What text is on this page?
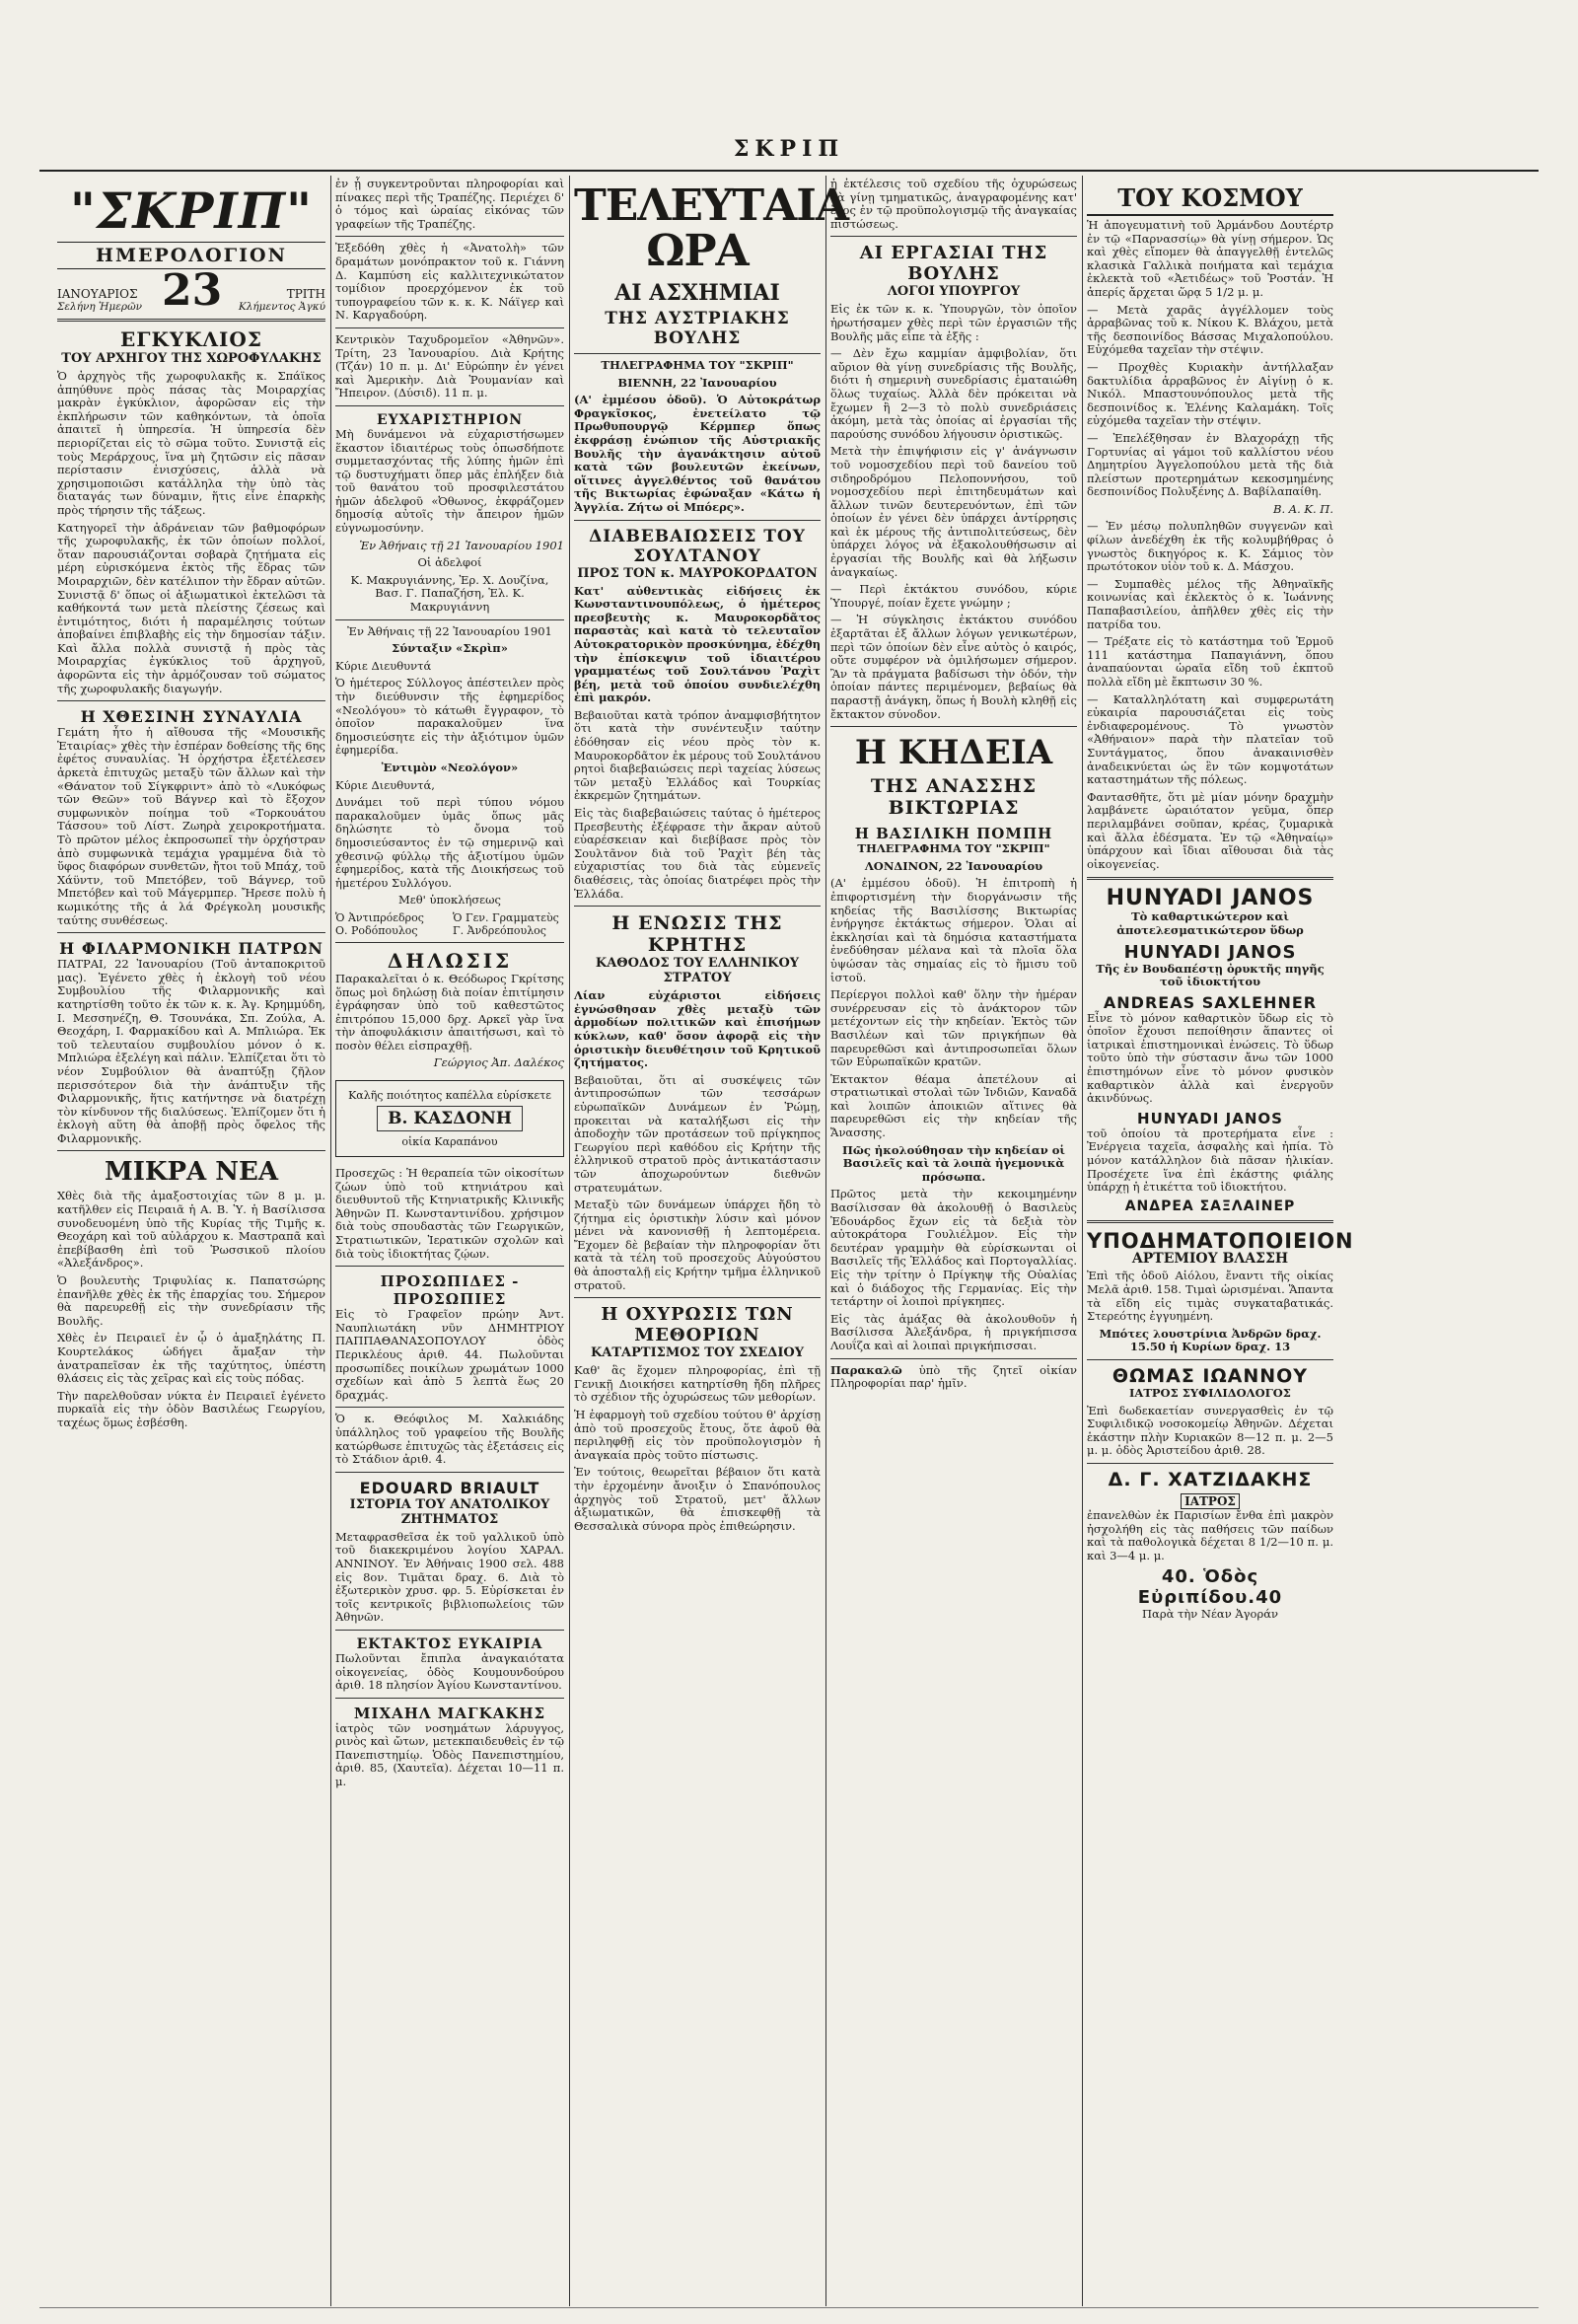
ΣΚΡΙΠ
"ΣΚΡΙΠ"
ΗΜΕΡΟΛΟΓΙΟΝ
ΙΑΝΟΥΑΡΙΟΣ
Σελήνη Ἡμερῶν 23	ΤΡΙΤΗ
Κλήμεντος Ἀγκύ
ΕΓΚΥΚΛΙΟΣ
ΤΟΥ ΑΡΧΗΓΟΥ ΤΗΣ ΧΩΡΟΦΥΛΑΚΗΣ

Ὁ ἀρχηγὸς τῆς χωροφυλακῆς κ. Σπάϊκος ἀπηύθυνε πρὸς πάσας τὰς Μοιραρχίας μακρὰν ἐγκύκλιον, ἀφορῶσαν εἰς τὴν ἐκπλήρωσιν τῶν καθηκόντων, τὰ ὁποῖα ἀπαιτεῖ ἡ ὑπηρεσία. Ἡ ὑπηρεσία δὲν περιορίζεται εἰς τὸ σῶμα τοῦτο. Συνιστᾷ εἰς τοὺς Μεράρχους, ἵνα μὴ ζητῶσιν εἰς πᾶσαν περίστασιν ἐνισχύσεις, ἀλλὰ νὰ χρησιμοποιῶσι κατάλληλα τὴν ὑπὸ τὰς διαταγάς των δύναμιν, ἥτις εἶνε ἐπαρκὴς πρὸς τήρησιν τῆς τάξεως.

Κατηγορεῖ τὴν ἀδράνειαν τῶν βαθμοφόρων τῆς χωροφυλακῆς, ἐκ τῶν ὁποίων πολλοί, ὅταν παρουσιάζονται σοβαρὰ ζητήματα εἰς μέρη εὑρισκόμενα ἐκτὸς τῆς ἕδρας τῶν Μοιραρχιῶν, δὲν κατέλιπον τὴν ἕδραν αὐτῶν. Συνιστᾷ δ' ὅπως οἱ ἀξιωματικοὶ ἐκτελῶσι τὰ καθήκοντά των μετὰ πλείστης ζέσεως καὶ ἐντιμότητος, διότι ἡ παραμέλησις τούτων ἀποβαίνει ἐπιβλαβὴς εἰς τὴν δημοσίαν τάξιν. Καὶ ἄλλα πολλὰ συνιστᾷ ἡ πρὸς τὰς Μοιραρχίας ἐγκύκλιος τοῦ ἀρχηγοῦ, ἀφορῶντα εἰς τὴν ἀρμόζουσαν τοῦ σώματος τῆς χωροφυλακῆς διαγωγήν.

Η ΧΘΕΣΙΝΗ ΣΥΝΑΥΛΙΑ

Γεμάτη ἦτο ἡ αἴθουσα τῆς «Μουσικῆς Ἑταιρίας» χθὲς τὴν ἑσπέραν δοθείσης τῆς 6ης ἐφέτος συναυλίας. Ἡ ὀρχήστρα ἐξετέλεσεν ἀρκετὰ ἐπιτυχῶς μεταξὺ τῶν ἄλλων καὶ τὴν «Θάνατον τοῦ Σίγκφριντ» ἀπὸ τὸ «Λυκόφως τῶν Θεῶν» τοῦ Βάγνερ καὶ τὸ ἔξοχον συμφωνικὸν ποίημα τοῦ «Τορκουάτου Τάσσου» τοῦ Λίστ. Ζωηρὰ χειροκροτήματα. Τὸ πρῶτον μέλος ἐκπροσωπεῖ τὴν ὀρχήστραν ἀπὸ συμφωνικὰ τεμάχια γραμμένα διὰ τὸ ὕφος διαφόρων συνθετῶν, ἤτοι τοῦ Μπάχ, τοῦ Χάϋντν, τοῦ Μπετόβεν, τοῦ Βάγνερ, τοῦ Μπετόβεν καὶ τοῦ Μάγερμπερ. Ἤρεσε πολὺ ἡ κωμικότης τῆς ἁ λά Φρέγκολη μουσικῆς ταύτης συνθέσεως.

Η ΦΙΛΑΡΜΟΝΙΚΗ ΠΑΤΡΩΝ

ΠΑΤΡΑΙ, 22 Ἰανουαρίου (Τοῦ ἀνταποκριτοῦ μας). Ἐγένετο χθὲς ἡ ἐκλογὴ τοῦ νέου Συμβουλίου τῆς Φιλαρμονικῆς καὶ κατηρτίσθη τοῦτο ἐκ τῶν κ. κ. Ἀγ. Κρημμύδη, Ι. Μεσσηνέζη, Θ. Τσουνάκα, Σπ. Ζούλα, Α. Θεοχάρη, Ι. Φαρμακίδου καὶ Α. Μπλιώρα. Ἐκ τοῦ τελευταίου συμβουλίου μόνον ὁ κ. Μπλιώρα ἐξελέγη καὶ πάλιν. Ἐλπίζεται ὅτι τὸ νέον Συμβούλιον θὰ ἀναπτύξῃ ζῆλον περισσότερον διὰ τὴν ἀνάπτυξιν τῆς Φιλαρμονικῆς, ἥτις κατήντησε νὰ διατρέχῃ τὸν κίνδυνον τῆς διαλύσεως. Ἐλπίζομεν ὅτι ἡ ἐκλογὴ αὕτη θὰ ἀποβῇ πρὸς ὄφελος τῆς Φιλαρμονικῆς.

ΜΙΚΡΑ ΝΕΑ

Χθὲς διὰ τῆς ἀμαξοστοιχίας τῶν 8 μ. μ. κατῆλθεν εἰς Πειραιᾶ ἡ Α. Β. Ὑ. ἡ Βασίλισσα συνοδευομένη ὑπὸ τῆς Κυρίας τῆς Τιμῆς κ. Θεοχάρη καὶ τοῦ αὐλάρχου κ. Μαστραπᾶ καὶ ἐπεβίβασθη ἐπὶ τοῦ Ῥωσσικοῦ πλοίου «Ἀλεξάνδρος».

Ὁ βουλευτὴς Τριφυλίας κ. Παπατσώρης ἐπανῆλθε χθὲς ἐκ τῆς ἐπαρχίας του. Σήμερον θὰ παρευρεθῇ εἰς τὴν συνεδρίασιν τῆς Βουλῆς.

Χθὲς ἐν Πειραιεῖ ἐν ᾧ ὁ ἁμαξηλάτης Π. Κουρτελάκος ὡδήγει ἄμαξαν τὴν ἀνατραπεῖσαν ἐκ τῆς ταχύτητος, ὑπέστη θλάσεις εἰς τὰς χεῖρας καὶ εἰς τοὺς πόδας.

Τὴν παρελθοῦσαν νύκτα ἐν Πειραιεῖ ἐγένετο πυρκαϊὰ εἰς τὴν ὁδὸν Βασιλέως Γεωργίου, ταχέως ὅμως ἐσβέσθη.

ἐν ᾗ συγκεντροῦνται πληροφορίαι καὶ πίνακες περὶ τῆς Τραπέζης. Περιέχει δ' ὁ τόμος καὶ ὡραίας εἰκόνας τῶν γραφείων τῆς Τραπέζης.

Ἐξεδόθη χθὲς ἡ «Ἀνατολὴ» τῶν δραμάτων μονόπρακτον τοῦ κ. Γιάννη Δ. Καμπύση εἰς καλλιτεχνικώτατον τομίδιον προερχόμενον ἐκ τοῦ τυπογραφείου τῶν κ. κ. Κ. Νάϊγερ καὶ Ν. Καργαδούρη.

Κεντρικὸν Ταχυδρομεῖον «Ἀθηνῶν». Τρίτη, 23 Ἰανουαρίου. Διὰ Κρήτης (Τζάν) 10 π. μ. Δι' Εὐρώπην ἐν γένει καὶ Ἀμερικὴν. Διὰ Ῥουμανίαν καὶ Ἤπειρον. (Δύσιδ). 11 π. μ.

ΕΥΧΑΡΙΣΤΗΡΙΟΝ

Μὴ δυνάμενοι νὰ εὐχαριστήσωμεν ἕκαστον ἰδιαιτέρως τοὺς ὁπωσδήποτε συμμετασχόντας τῆς λύπης ἡμῶν ἐπὶ τῷ δυστυχήματι ὅπερ μᾶς ἐπλήξεν διὰ τοῦ θανάτου τοῦ προσφιλεστάτου ἡμῶν ἀδελφοῦ «Ὀθωνος, ἐκφράζομεν δημοσίᾳ αὐτοῖς τὴν ἄπειρον ἡμῶν εὐγνωμοσύνην.

Ἐν Ἀθήναις τῇ 21 Ἰανουαρίου 1901

Οἱ ἀδελφοί

Κ. Μακρυγιάννης, Ἐρ. Χ. Δουζίνα, Βασ. Γ. Παπαζήση, Ἑλ. Κ. Μακρυγιάννη

Ἐν Ἀθήναις τῇ 22 Ἰανουαρίου 1901

Σύνταξιν «Σκρὶπ»

Κύριε Διευθυντά

Ὁ ἡμέτερος Σύλλογος ἀπέστειλεν πρὸς τὴν διεύθυνσιν τῆς ἐφημερίδος «Νεολόγου» τὸ κάτωθι ἔγγραφον, τὸ ὁποῖον παρακαλοῦμεν ἵνα δημοσιεύσητε εἰς τὴν ἀξιότιμον ὑμῶν ἐφημερίδα.

Ἐντιμὸν «Νεολόγον»

Κύριε Διευθυντά,

Δυνάμει τοῦ περὶ τύπου νόμου παρακαλοῦμεν ὑμᾶς ὅπως μᾶς δηλώσητε τὸ ὄνομα τοῦ δημοσιεύσαντος ἐν τῷ σημερινῷ καὶ χθεσινῷ φύλλῳ τῆς ἀξιοτίμου ὑμῶν ἐφημερίδος, κατὰ τῆς Διοικήσεως τοῦ ἡμετέρου Συλλόγου.

Μεθ' ὑποκλήσεως

Ὁ Ἀντιπρόεδρος	Ὁ Γεν. Γραμματεὺς
Ο. Ροδόπουλος	Γ. Ἀνδρεόπουλος
ΔΗΛΩΣΙΣ

Παρακαλεῖται ὁ κ. Θεόδωρος Γκρίτσης ὅπως μοὶ δηλώσῃ διὰ ποίαν ἐπιτίμησιν ἐγράφησαν ὑπὸ τοῦ καθεστῶτος ἐπιτρόπου 15,000 δρχ. Αρκεῖ γὰρ ἵνα τὴν ἀποφυλάκισιν ἀπαιτήσωσι, καὶ τὸ ποσὸν θέλει εἰσπραχθῇ.

Γεώργιος Ἀπ. Δαλέκος

Καλῆς ποιότητος καπέλλα εὑρίσκετε
Β. ΚΑΣΔΟΝΗ
οἰκία Καραπάνου

Προσεχῶς : Ἡ θεραπεία τῶν οἰκοσίτων ζώων ὑπὸ τοῦ κτηνιάτρου καὶ διευθυντοῦ τῆς Κτηνιατρικῆς Κλινικῆς Ἀθηνῶν Π. Κωνσταντινίδου. χρήσιμον διὰ τοὺς σπουδαστὰς τῶν Γεωργικῶν, Στρατιωτικῶν, Ἱερατικῶν σχολῶν καὶ διὰ τοὺς ἰδιοκτήτας ζῴων.

ΠΡΟΣΩΠΙΔΕΣ - ΠΡΟΣΩΠΙΕΣ

Εἰς τὸ Γραφεῖον πρώην Ἀντ. Ναυπλιωτάκη νῦν ΔΗΜΗΤΡΙΟΥ ΠΑΠΠΑΘΑΝΑΣΟΠΟΥΛΟΥ ὁδὸς Περικλέους ἀριθ. 44. Πωλοῦνται προσωπίδες ποικίλων χρωμάτων 1000 σχεδίων καὶ ἀπὸ 5 λεπτὰ ἕως 20 δραχμάς.

Ὁ κ. Θεόφιλος Μ. Χαλκιάδης ὑπάλληλος τοῦ γραφείου τῆς Βουλῆς κατώρθωσε ἐπιτυχῶς τὰς ἐξετάσεις εἰς τὸ Στάδιον ἀριθ. 4.

EDOUARD BRIAULT
ΙΣΤΟΡΙΑ ΤΟΥ ΑΝΑΤΟΛΙΚΟΥ ΖΗΤΗΜΑΤΟΣ

Μεταφρασθεῖσα ἐκ τοῦ γαλλικοῦ ὑπὸ τοῦ διακεκριμένου λογίου ΧΑΡΑΛ. ΑΝΝΙΝΟΥ. Ἐν Ἀθήναις 1900 σελ. 488 εἰς 8ον. Τιμᾶται δραχ. 6. Διὰ τὸ ἐξωτερικὸν χρυσ. φρ. 5. Εὑρίσκεται ἐν τοῖς κεντρικοῖς βιβλιοπωλείοις τῶν Ἀθηνῶν.

ΕΚΤΑΚΤΟΣ ΕΥΚΑΙΡΙΑ

Πωλοῦνται ἔπιπλα ἀναγκαιότατα οἰκογενείας, ὁδὸς Κουμουνδούρου ἀριθ. 18 πλησίον Ἁγίου Κωνσταντίνου.

ΜΙΧΑΗΛ ΜΑΓΚΑΚΗΣ

ἰατρὸς τῶν νοσημάτων λάρυγγος, ρινὸς καὶ ὤτων, μετεκπαιδευθεὶς ἐν τῷ Πανεπιστημίῳ. Ὁδὸς Πανεπιστημίου, ἀριθ. 85, (Χαυτεῖα). Δέχεται 10—11 π. μ.

ΤΕΛΕΥΤΑΙΑ ΩΡΑ
ΑΙ ΑΣΧΗΜΙΑΙ
ΤΗΣ ΑΥΣΤΡΙΑΚΗΣ ΒΟΥΛΗΣ

ΤΗΛΕΓΡΑΦΗΜΑ ΤΟΥ "ΣΚΡΙΠ"

ΒΙΕΝΝΗ, 22 Ἰανουαρίου

(Α' ἐμμέσου ὁδοῦ). Ὁ Αὐτοκράτωρ Φραγκῖσκος, ἐνετείλατο τῷ Πρωθυπουργῷ Κέρμπερ ὅπως ἐκφράσῃ ἐνώπιον τῆς Αὐστριακῆς Βουλῆς τὴν ἀγανάκτησιν αὐτοῦ κατὰ τῶν βουλευτῶν ἐκείνων, οἵτινες ἀγγελθέντος τοῦ θανάτου τῆς Βικτωρίας ἐφώναξαν «Κάτω ἡ Ἀγγλία. Ζήτω οἱ Μπόερς».

ΔΙΑΒΕΒΑΙΩΣΕΙΣ ΤΟΥ ΣΟΥΛΤΑΝΟΥ
ΠΡΟΣ ΤΟΝ κ. ΜΑΥΡΟΚΟΡΔΑΤΟΝ

Κατ' αὐθεντικὰς εἰδήσεις ἐκ Κωνσταντινουπόλεως, ὁ ἡμέτερος πρεσβευτὴς κ. Μαυροκορδᾶτος παραστὰς καὶ κατὰ τὸ τελευταῖον Αὐτοκρατορικὸν προσκύνημα, ἐδέχθη τὴν ἐπίσκεψιν τοῦ ἰδιαιτέρου γραμματέως τοῦ Σουλτάνου Ῥαχὶτ βέη, μετὰ τοῦ ὁποίου συνδιελέχθη ἐπὶ μακρόν.

Βεβαιοῦται κατὰ τρόπον ἀναμφισβήτητον ὅτι κατὰ τὴν συνέντευξιν ταύτην ἐδόθησαν εἰς νέου πρὸς τὸν κ. Μαυροκορδᾶτον ἐκ μέρους τοῦ Σουλτάνου ρητοὶ διαβεβαιώσεις περὶ ταχείας λύσεως τῶν μεταξὺ Ἑλλάδος καὶ Τουρκίας ἐκκρεμῶν ζητημάτων.

Εἰς τὰς διαβεβαιώσεις ταύτας ὁ ἡμέτερος Πρεσβευτὴς ἐξέφρασε τὴν ἄκραν αὐτοῦ εὐαρέσκειαν καὶ διεβίβασε πρὸς τὸν Σουλτᾶνον διὰ τοῦ Ῥαχὶτ βέη τὰς εὐχαριστίας του διὰ τὰς εὐμενεῖς διαθέσεις, τὰς ὁποίας διατρέφει πρὸς τὴν Ἑλλάδα.

Η ΕΝΩΣΙΣ ΤΗΣ ΚΡΗΤΗΣ
ΚΑΘΟΔΟΣ ΤΟΥ ΕΛΛΗΝΙΚΟΥ ΣΤΡΑΤΟΥ

Λίαν εὐχάριστοι εἰδήσεις ἐγνώσθησαν χθὲς μεταξὺ τῶν ἀρμοδίων πολιτικῶν καὶ ἐπισήμων κύκλων, καθ' ὅσον ἀφορᾷ εἰς τὴν ὁριστικὴν διευθέτησιν τοῦ Κρητικοῦ ζητήματος.

Βεβαιοῦται, ὅτι αἱ συσκέψεις τῶν ἀντιπροσώπων τῶν τεσσάρων εὐρωπαϊκῶν Δυνάμεων ἐν Ῥώμῃ, προκειται νὰ καταλήξωσι εἰς τὴν ἀποδοχὴν τῶν προτάσεων τοῦ πρίγκηπος Γεωργίου περὶ καθόδου εἰς Κρήτην τῆς ἑλληνικοῦ στρατοῦ πρὸς ἀντικατάστασιν τῶν ἀποχωρούντων διεθνῶν στρατευμάτων.

Μεταξὺ τῶν δυνάμεων ὑπάρχει ἤδη τὸ ζήτημα εἰς ὁριστικὴν λύσιν καὶ μόνον μένει νὰ κανονισθῇ ἡ λεπτομέρεια. Ἔχομεν δὲ βεβαίαν τὴν πληροφορίαν ὅτι κατὰ τὰ τέλη τοῦ προσεχοῦς Αὐγούστου θὰ ἀποσταλῇ εἰς Κρήτην τμῆμα ἑλληνικοῦ στρατοῦ.

Η ΟΧΥΡΩΣΙΣ ΤΩΝ ΜΕΘΟΡΙΩΝ
ΚΑΤΑΡΤΙΣΜΟΣ ΤΟΥ ΣΧΕΔΙΟΥ

Καθ' ἃς ἔχομεν πληροφορίας, ἐπὶ τῇ Γενικῇ Διοικήσει κατηρτίσθη ἤδη πλῆρες τὸ σχέδιον τῆς ὀχυρώσεως τῶν μεθορίων.

Ἡ ἐφαρμογὴ τοῦ σχεδίου τούτου θ' ἀρχίσῃ ἀπὸ τοῦ προσεχοῦς ἔτους, ὅτε ἀφοῦ θὰ περιληφθῇ εἰς τὸν προϋπολογισμὸν ἡ ἀναγκαία πρὸς τοῦτο πίστωσις.

Ἐν τούτοις, θεωρεῖται βέβαιον ὅτι κατὰ τὴν ἐρχομένην ἄνοιξιν ὁ Σπανόπουλος ἀρχηγὸς τοῦ Στρατοῦ, μετ' ἄλλων ἀξιωματικῶν, θὰ ἐπισκεφθῇ τὰ Θεσσαλικὰ σύνορα πρὸς ἐπιθεώρησιν.

ἡ ἐκτέλεσις τοῦ σχεδίου τῆς ὀχυρώσεως θὰ γίνῃ τμηματικῶς, ἀναγραφομένης κατ' ἔτος ἐν τῷ προϋπολογισμῷ τῆς ἀναγκαίας πιστώσεως.

ΑΙ ΕΡΓΑΣΙΑΙ ΤΗΣ ΒΟΥΛΗΣ
ΛΟΓΟΙ ΥΠΟΥΡΓΟΥ

Εἰς ἐκ τῶν κ. κ. Ὑπουργῶν, τὸν ὁποῖον ἠρωτήσαμεν χθὲς περὶ τῶν ἐργασιῶν τῆς Βουλῆς μᾶς εἶπε τὰ ἑξῆς :

— Δὲν ἔχω καμμίαν ἀμφιβολίαν, ὅτι αὔριον θὰ γίνῃ συνεδρίασις τῆς Βουλῆς, διότι ἡ σημερινὴ συνεδρίασις ἐματαιώθη ὅλως τυχαίως. Ἀλλὰ δὲν πρόκειται νὰ ἔχωμεν ἢ 2—3 τὸ πολὺ συνεδριάσεις ἀκόμη, μετὰ τὰς ὁποίας αἱ ἐργασίαι τῆς παρούσης συνόδου λήγουσιν ὁριστικῶς.

Μετὰ τὴν ἐπιψήφισιν εἰς γ' ἀνάγνωσιν τοῦ νομοσχεδίου περὶ τοῦ δανείου τοῦ σιδηροδρόμου Πελοποννήσου, τοῦ νομοσχεδίου περὶ ἐπιτηδευμάτων καὶ ἄλλων τινῶν δευτερευόντων, ἐπὶ τῶν ὁποίων ἐν γένει δὲν ὑπάρχει ἀντίρρησις καὶ ἐκ μέρους τῆς ἀντιπολιτεύσεως, δὲν ὑπάρχει λόγος νὰ ἐξακολουθήσωσιν αἱ ἐργασίαι τῆς Βουλῆς καὶ θὰ λήξωσιν ἀναγκαίως.

— Περὶ ἐκτάκτου συνόδου, κύριε Ὑπουργέ, ποίαν ἔχετε γνώμην ;

— Ἡ σύγκλησις ἐκτάκτου συνόδου ἐξαρτᾶται ἐξ ἄλλων λόγων γενικωτέρων, περὶ τῶν ὁποίων δὲν εἶνε αὐτὸς ὁ καιρός, οὔτε συμφέρον νὰ ὁμιλήσωμεν σήμερον. Ἂν τὰ πράγματα βαδίσωσι τὴν ὁδόν, τὴν ὁποίαν πάντες περιμένομεν, βεβαίως θὰ παραστῇ ἀνάγκη, ὅπως ἡ Βουλὴ κληθῇ εἰς ἔκτακτον σύνοδον.

Η ΚΗΔΕΙΑ
ΤΗΣ ΑΝΑΣΣΗΣ ΒΙΚΤΩΡΙΑΣ
Η ΒΑΣΙΛΙΚΗ ΠΟΜΠΗ

ΤΗΛΕΓΡΑΦΗΜΑ ΤΟΥ "ΣΚΡΙΠ"

ΛΟΝΔΙΝΟΝ, 22 Ἰανουαρίου

(Α' ἐμμέσου ὁδοῦ). Ἡ ἐπιτροπὴ ἡ ἐπιφορτισμένη τὴν διοργάνωσιν τῆς κηδείας τῆς Βασιλίσσης Βικτωρίας ἐνήργησε ἐκτάκτως σήμερον. Ὁλαι αἱ ἐκκλησίαι καὶ τὰ δημόσια καταστήματα ἐνεδύθησαν μέλανα καὶ τὰ πλοῖα ὅλα ὑψώσαν τὰς σημαίας εἰς τὸ ἥμισυ τοῦ ἱστοῦ.

Περίεργοι πολλοὶ καθ' ὅλην τὴν ἡμέραν συνέρρευσαν εἰς τὸ ἀνάκτορον τῶν μετέχοντων εἰς τὴν κηδείαν. Ἐκτὸς τῶν Βασιλέων καὶ τῶν πριγκήπων θὰ παρευρεθῶσι καὶ ἀντιπροσωπεῖαι ὅλων τῶν Εὐρωπαϊκῶν κρατῶν.

Ἐκτακτον θέαμα ἀπετέλουν αἱ στρατιωτικαὶ στολαὶ τῶν Ἰνδιῶν, Καναδᾶ καὶ λοιπῶν ἀποικιῶν αἵτινες θὰ παρευρεθῶσι εἰς τὴν κηδείαν τῆς Ἄνασσης.

Πῶς ἠκολούθησαν τὴν κηδείαν οἱ Βασιλεῖς καὶ τὰ λοιπὰ ἡγεμονικὰ πρόσωπα.

Πρῶτος μετὰ τὴν κεκοιμημένην Βασίλισσαν θὰ ἀκολουθῇ ὁ Βασιλεὺς Ἐδουάρδος ἔχων εἰς τὰ δεξιὰ τὸν αὐτοκράτορα Γουλιέλμον. Εἰς τὴν δευτέραν γραμμὴν θὰ εὑρίσκωνται οἱ Βασιλεῖς τῆς Ἑλλάδος καὶ Πορτογαλλίας. Εἰς τὴν τρίτην ὁ Πρίγκηψ τῆς Οὐαλίας καὶ ὁ διάδοχος τῆς Γερμανίας. Εἰς τὴν τετάρτην οἱ λοιποὶ πρίγκηπες.

Εἰς τὰς ἁμάξας θὰ ἀκολουθοῦν ἡ Βασίλισσα Ἀλεξάνδρα, ἡ πριγκήπισσα Λουΐζα καὶ αἱ λοιπαὶ πριγκήπισσαι.

Παρακαλῶ ὑπὸ τῆς ζητεῖ οἰκίαν Πληροφορίαι παρ' ἡμῖν.

ΤΟΥ ΚΟΣΜΟΥ

Ἡ ἀπογευματινὴ τοῦ Ἀρμάνδου Δουτέρτρ ἐν τῷ «Παρνασσίῳ» θὰ γίνῃ σήμερον. Ὡς καὶ χθὲς εἴπομεν θὰ ἀπαγγελθῇ ἐντελῶς κλασικὰ Γαλλικὰ ποιήματα καὶ τεμάχια ἐκλεκτὰ τοῦ «Ἀετιδέως» τοῦ Ῥοστάν. Ἡ ἀπερίς ἄρχεται ὥρᾳ 5 1/2 μ. μ.

— Μετὰ χαρᾶς ἀγγέλλομεν τοὺς ἀρραβῶνας τοῦ κ. Νίκου Κ. Βλάχου, μετὰ τῆς δεσποινίδος Βάσσας Μιχαλοπούλου. Εὐχόμεθα ταχεῖαν τὴν στέψιν.

— Προχθὲς Κυριακὴν ἀντήλλαξαν δακτυλίδια ἀρραβῶνος ἐν Αἰγίνῃ ὁ κ. Νικόλ. Μπαστουνόπουλος μετὰ τῆς δεσποινίδος κ. Ἑλένης Καλαμάκη. Τοῖς εὐχόμεθα ταχεῖαν τὴν στέψιν.

— Ἐπελέξθησαν ἐν Βλαχοράχῃ τῆς Γορτυνίας αἱ γάμοι τοῦ καλλίστου νέου Δημητρίου Ἀγγελοπούλου μετὰ τῆς διὰ πλείστων προτερημάτων κεκοσμημένης δεσποινίδος Πολυξένης Δ. Βαβίλαπαίθη.

Β. Α. Κ. Π.

— Ἐν μέσῳ πολυπληθῶν συγγενῶν καὶ φίλων ἀνεδέχθη ἐκ τῆς κολυμβήθρας ὁ γνωστὸς δικηγόρος κ. Κ. Σάμιος τὸν πρωτότοκον υἱὸν τοῦ κ. Δ. Μάσχου.

— Συμπαθὲς μέλος τῆς Ἀθηναϊκῆς κοινωνίας καὶ ἐκλεκτὸς ὁ κ. Ἰωάννης Παπαβασιλείου, ἀπῆλθεν χθὲς εἰς τὴν πατρίδα του.

— Τρέξατε εἰς τὸ κατάστημα τοῦ Ἑρμοῦ 111 κατάστημα Παπαγιάννη, ὅπου ἀναπαύονται ὡραῖα εἴδη τοῦ ἐκπτοῦ πολλὰ εἴδη μὲ ἔκπτωσιν 30 %.

— Καταλληλότατη καὶ συμφερωτάτη εὐκαιρία παρουσιάζεται εἰς τοὺς ἐνδιαφερομένους. Τὸ γνωστὸν «Ἀθήναιον» παρὰ τὴν πλατεῖαν τοῦ Συντάγματος, ὅπου ἀνακαινισθὲν ἀναδεικνύεται ὡς ἓν τῶν κομψοτάτων καταστημάτων τῆς πόλεως.

Φαντασθῆτε, ὅτι μὲ μίαν μόνην δραχμὴν λαμβάνετε ὡραιότατον γεῦμα, ὅπερ περιλαμβάνει σοῦπαν, κρέας, ζυμαρικὰ καὶ ἄλλα ἐδέσματα. Ἐν τῷ «Ἀθηναίῳ» ὑπάρχουν καὶ ἴδιαι αἴθουσαι διὰ τὰς οἰκογενείας.

HUNYADI JANOS

Τὸ καθαρτικώτερον καὶ ἀποτελεσματικώτερον ὕδωρ

HUNYADI JANOS

Τῆς ἐν Βουδαπέστῃ ὀρυκτῆς πηγῆς τοῦ ἰδιοκτήτου

ANDREAS SAXLEHNER

Εἶνε τὸ μόνον καθαρτικὸν ὕδωρ εἰς τὸ ὁποῖον ἔχουσι πεποίθησιν ἅπαντες οἱ ἰατρικαὶ ἐπιστημονικαὶ ἐνώσεις. Τὸ ὕδωρ τοῦτο ὑπὸ τὴν σύστασιν ἄνω τῶν 1000 ἐπιστημόνων εἶνε τὸ μόνον φυσικὸν καθαρτικὸν ἀλλὰ καὶ ἐνεργοῦν ἀκινδύνως.

HUNYADI JANOS

τοῦ ὁποίου τὰ προτερήματα εἶνε : Ἐνέργεια ταχεῖα, ἀσφαλὴς καὶ ἠπία. Τὸ μόνον κατάλληλον διὰ πᾶσαν ἡλικίαν. Προσέχετε ἵνα ἐπὶ ἑκάστης φιάλης ὑπάρχῃ ἡ ἐτικέττα τοῦ ἰδιοκτήτου.

ΑΝΔΡΕΑ ΣΑΞΛΑΙΝΕΡ
ΥΠΟΔΗΜΑΤΟΠΟΙΕΙΟΝ

ΑΡΤΕΜΙΟΥ ΒΛΑΣΣΗ

Ἐπὶ τῆς ὁδοῦ Αἰόλου, ἔναντι τῆς οἰκίας Μελᾶ ἀριθ. 158. Τιμαὶ ὡρισμέναι. Ἅπαντα τὰ εἴδη εἰς τιμὰς συγκαταβατικάς. Στερεότης ἐγγυημένη.

Μπότες λουστρίνια Ἀνδρῶν δραχ. 15.50 ἡ Κυρίων δραχ. 13

ΘΩΜΑΣ ΙΩΑΝΝΟΥ

ΙΑΤΡΟΣ ΣΥΦΙΛΙΔΟΛΟΓΟΣ

Ἐπὶ δωδεκαετίαν συνεργασθεὶς ἐν τῷ Συφιλιδικῷ νοσοκομείῳ Ἀθηνῶν. Δέχεται ἑκάστην πλὴν Κυριακῶν 8—12 π. μ. 2—5 μ. μ. ὁδὸς Ἀριστείδου ἀριθ. 28.

Δ. Γ. ΧΑΤΖΙΔΑΚΗΣ ΙΑΤΡΟΣ

ἐπανελθὼν ἐκ Παρισίων ἔνθα ἐπὶ μακρὸν ἠσχολήθη εἰς τὰς παθήσεις τῶν παίδων καὶ τὰ παθολογικὰ δέχεται 8 1/2—10 π. μ. καὶ 3—4 μ. μ.

40. Ὁδὸς Εὐριπίδου.40

Παρὰ τὴν Νέαν Ἀγοράν
